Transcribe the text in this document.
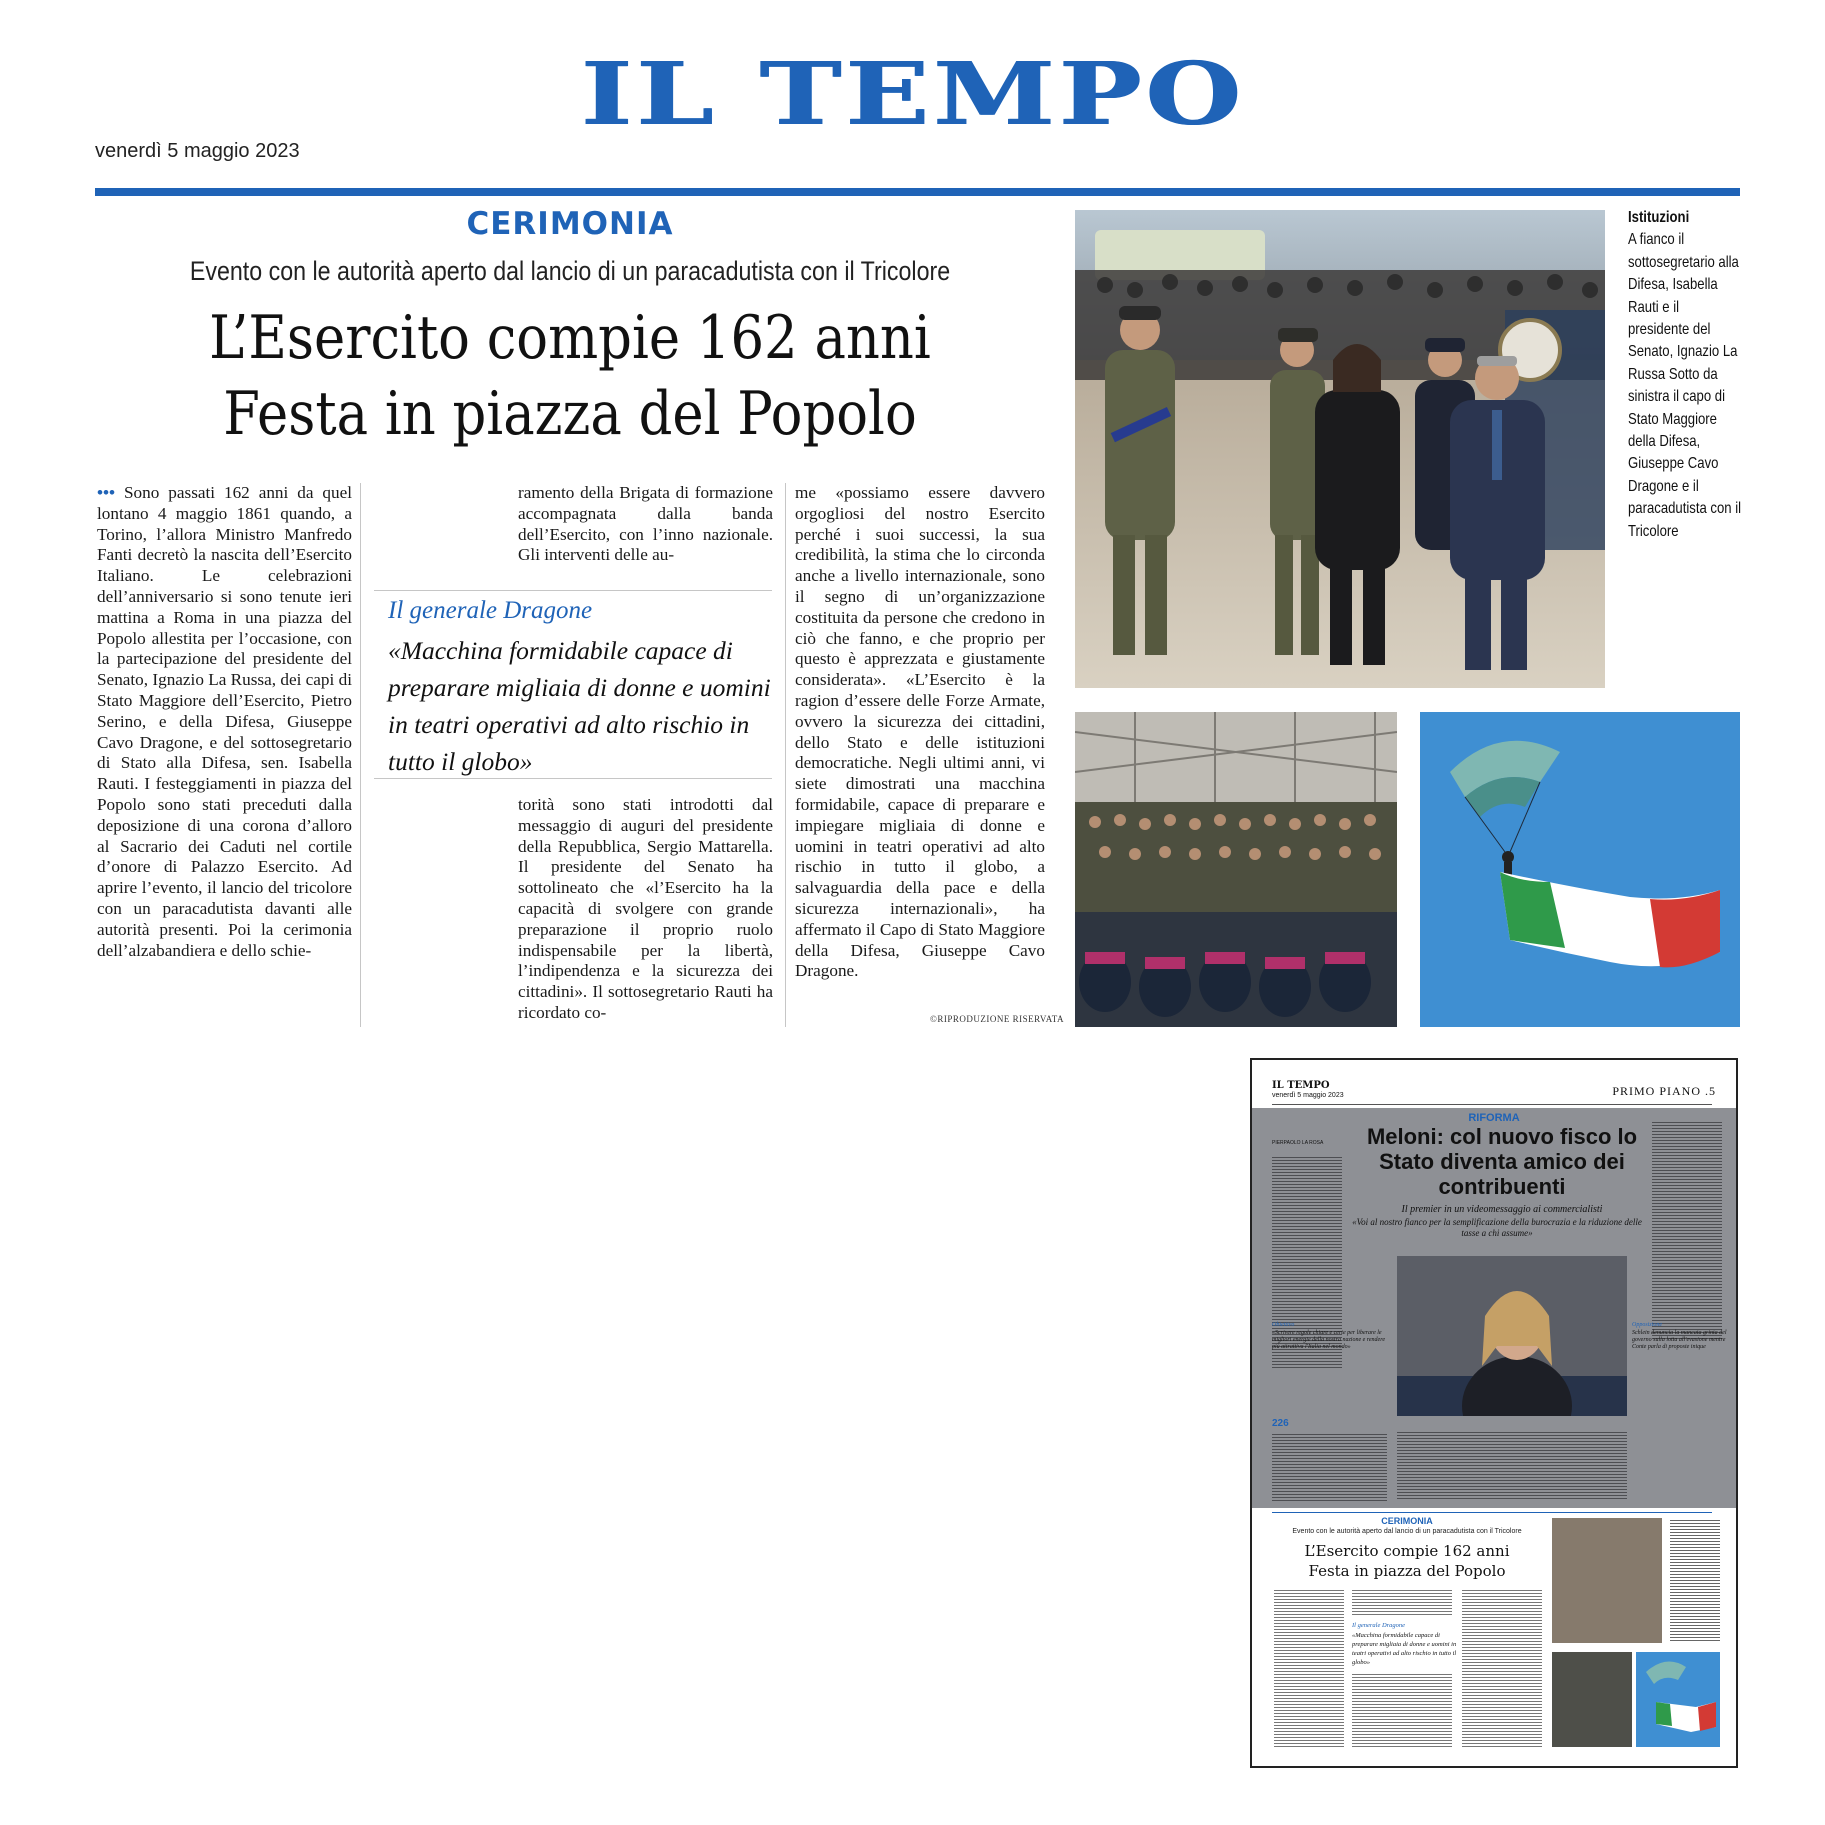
IL TEMPO
venerdì 5 maggio 2023
CERIMONIA
Evento con le autorità aperto dal lancio di un paracadutista con il Tricolore
L’Esercito compie 162 anni
Festa in piazza del Popolo

••• Sono passati 162 anni da quel lontano 4 maggio 1861 quando, a Torino, l’allora Ministro Manfredo Fanti decretò la nascita dell’Esercito Italiano. Le celebrazioni dell’anniversario si sono tenute ieri mattina a Roma in una piazza del Popolo allestita per l’occasione, con la partecipazione del presidente del Senato, Ignazio La Russa, dei capi di Stato Maggiore dell’Esercito, Pietro Serino, e della Difesa, Giuseppe Cavo Dragone, e del sottosegretario di Stato alla Difesa, sen. Isabella Rauti. I festeggiamenti in piazza del Popolo sono stati preceduti dalla deposizione di una corona d’alloro al Sacrario dei Caduti nel cortile d’onore di Palazzo Esercito. Ad aprire l’evento, il lancio del tricolore con un paracadutista davanti alle autorità presenti. Poi la cerimonia dell’alzabandiera e dello schie-

ramento della Brigata di formazione accompagnata dalla banda dell’Esercito, con l’inno nazionale. Gli interventi delle au-

Il generale Dragone

«Macchina formidabile capace di preparare migliaia di donne e uomini in teatri operativi ad alto rischio in tutto il globo»

torità sono stati introdotti dal messaggio di auguri del presidente della Repubblica, Sergio Mattarella. Il presidente del Senato ha sottolineato che «l’Esercito ha la capacità di svolgere con grande preparazione il proprio ruolo indispensabile per la libertà, l’indipendenza e la sicurezza dei cittadini». Il sottosegretario Rauti ha ricordato co-

me «possiamo essere davvero orgogliosi del nostro Esercito perché i suoi successi, la sua credibilità, la stima che lo circonda anche a livello internazionale, sono il segno di un’organizzazione costituita da persone che credono in ciò che fanno, e che proprio per questo è apprezzata e giustamente considerata». «L’Esercito è la ragion d’essere delle Forze Armate, ovvero la sicurezza dei cittadini, dello Stato e delle istituzioni democratiche. Negli ultimi anni, vi siete dimostrati una macchina formidabile, capace di preparare e impiegare migliaia di donne e uomini in teatri operativi ad alto rischio in tutto il globo, a salvaguardia della pace e della sicurezza internazionali», ha affermato il Capo di Stato Maggiore della Difesa, Giuseppe Cavo Dragone.

©RIPRODUZIONE RISERVATA
Istituzioni
A fianco il sottosegretario alla Difesa, Isabella Rauti e il presidente del Senato, Ignazio La Russa Sotto da sinistra il capo di Stato Maggiore della Difesa, Giuseppe Cavo Dragone e il paracadutista con il Tricolore
IL TEMPO
venerdì 5 maggio 2023	PRIMO PIANO .5
RIFORMA
Meloni: col nuovo fisco lo Stato diventa amico dei contribuenti
PIERPAOLO LA ROSA
Il premier in un videomessaggio ai commercialisti
«Voi al nostro fianco per la semplificazione della burocrazia e la riduzione delle tasse a chi assume»
Obiettivo
«Scrivere regole chiare e certe per liberare le migliori energie della nostra nazione e rendere più attrattiva l'Italia nel mondo»
Opposizione
Schlein denuncia la mancata grinta del governo sulla lotta all'evasione mentre Conte parla di proposte inique
226
CERIMONIA
Evento con le autorità aperto dal lancio di un paracadutista con il Tricolore
L’Esercito compie 162 anni
Festa in piazza del Popolo
Il generale Dragone
«Macchina formidabile capace di preparare migliaia di donne e uomini in teatri operativi ad alto rischio in tutto il globo»
